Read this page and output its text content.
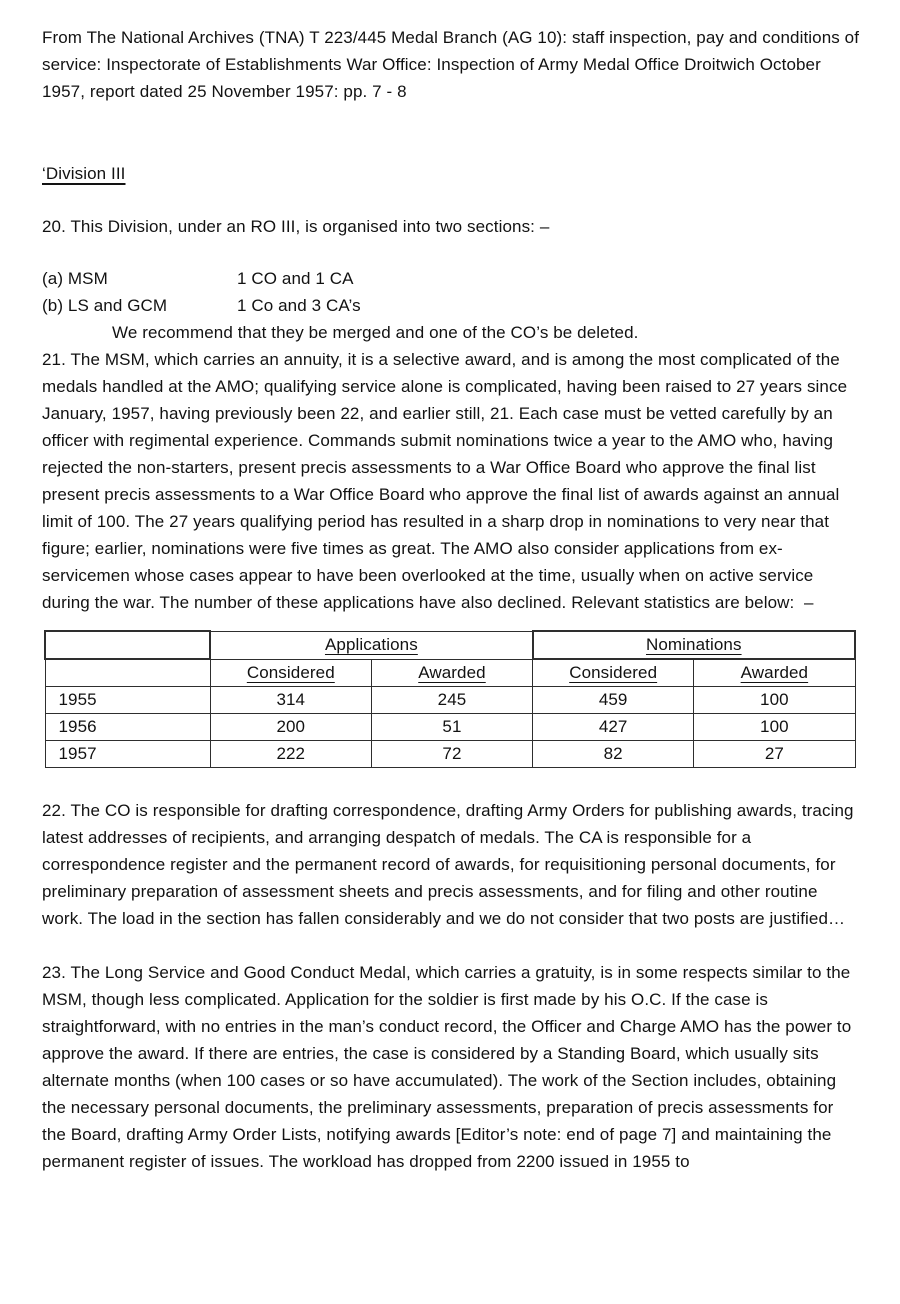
From The National Archives (TNA) T 223/445 Medal Branch (AG 10): staff inspection, pay and conditions of service: Inspectorate of Establishments War Office: Inspection of Army Medal Office Droitwich October 1957, report dated 25 November 1957: pp. 7 - 8

‘Division III

20. This Division, under an RO III, is organised into two sections: –

(a) MSM	1 CO and 1 CA
(b) LS and GCM	1 Co and 3 CA’s

We recommend that they be merged and one of the CO’s be deleted.

21. The MSM, which carries an annuity, it is a selective award, and is among the most complicated of the medals handled at the AMO; qualifying service alone is complicated, having been raised to 27 years since January, 1957, having previously been 22, and earlier still, 21. Each case must be vetted carefully by an officer with regimental experience. Commands submit nominations twice a year to the AMO who, having rejected the non-starters, present precis assessments to a War Office Board who approve the final list present precis assessments to a War Office Board who approve the final list of awards against an annual limit of 100. The 27 years qualifying period has resulted in a sharp drop in nominations to very near that figure; earlier, nominations were five times as great. The AMO also consider applications from ex-servicemen whose cases appear to have been overlooked at the time, usually when on active service during the war. The number of these applications have also declined. Relevant statistics are below:  –

	Applications		Nominations	
	Considered	Awarded	Considered	Awarded
1955	314	245	459	100
1956	200	51	427	100
1957	222	72	82	27

22. The CO is responsible for drafting correspondence, drafting Army Orders for publishing awards, tracing latest addresses of recipients, and arranging despatch of medals. The CA is responsible for a correspondence register and the permanent record of awards, for requisitioning personal documents, for preliminary preparation of assessment sheets and precis assessments, and for filing and other routine work. The load in the section has fallen considerably and we do not consider that two posts are justified…

23. The Long Service and Good Conduct Medal, which carries a gratuity, is in some respects similar to the MSM, though less complicated. Application for the soldier is first made by his O.C. If the case is straightforward, with no entries in the man’s conduct record, the Officer and Charge AMO has the power to approve the award. If there are entries, the case is considered by a Standing Board, which usually sits alternate months (when 100 cases or so have accumulated). The work of the Section includes, obtaining the necessary personal documents, the preliminary assessments, preparation of precis assessments for the Board, drafting Army Order Lists, notifying awards [Editor’s note: end of page 7] and maintaining the permanent register of issues. The workload has dropped from 2200 issued in 1955 to
